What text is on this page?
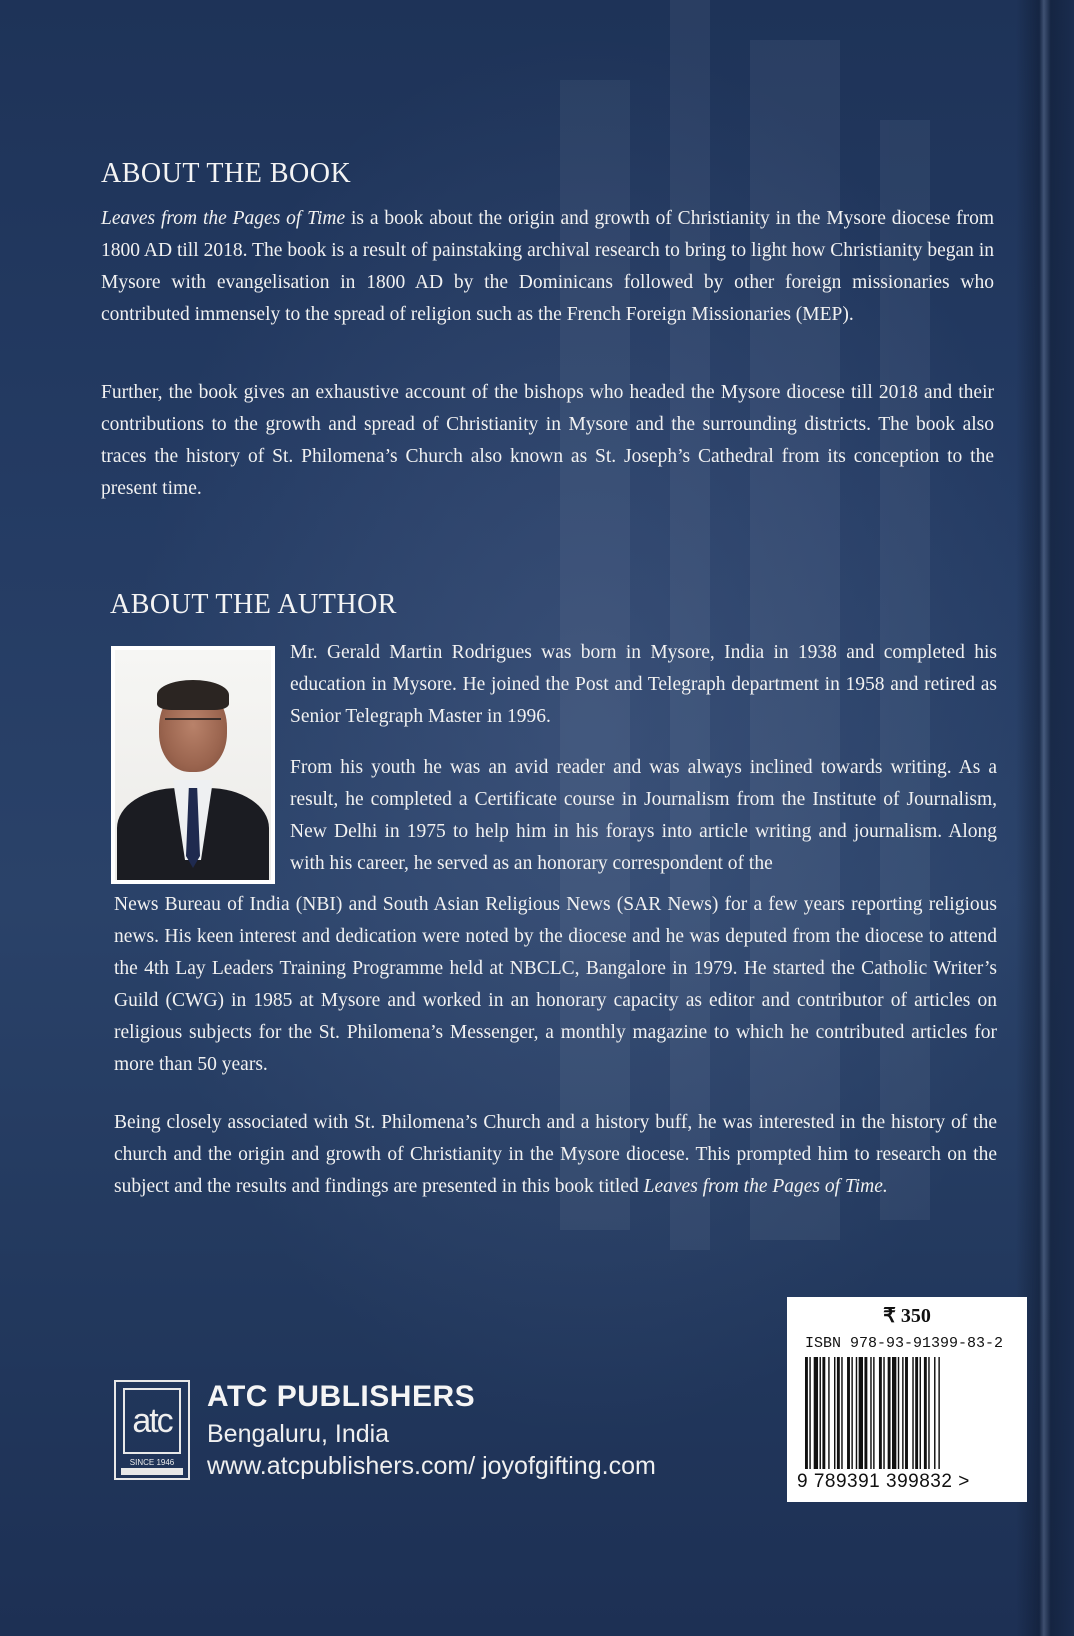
ABOUT THE BOOK

Leaves from the Pages of Time is a book about the origin and growth of Christianity in the Mysore diocese from 1800 AD till 2018. The book is a result of painstaking archival research to bring to light how Christianity began in Mysore with evangelisation in 1800 AD by the Dominicans followed by other foreign missionaries who contributed immensely to the spread of religion such as the French Foreign Missionaries (MEP).

Further, the book gives an exhaustive account of the bishops who headed the Mysore diocese till 2018 and their contributions to the growth and spread of Christianity in Mysore and the surrounding districts. The book also traces the history of St. Philomena’s Church also known as St. Joseph’s Cathedral from its conception to the present time.

ABOUT THE AUTHOR

Mr. Gerald Martin Rodrigues was born in Mysore, India in 1938 and completed his education in Mysore. He joined the Post and Telegraph department in 1958 and retired as Senior Telegraph Master in 1996.

From his youth he was an avid reader and was always inclined towards writing. As a result, he completed a Certificate course in Journalism from the Institute of Journalism, New Delhi in 1975 to help him in his forays into article writing and journalism. Along with his career, he served as an honorary correspondent of the

News Bureau of India (NBI) and South Asian Religious News (SAR News) for a few years reporting religious news. His keen interest and dedication were noted by the diocese and he was deputed from the diocese to attend the 4th Lay Leaders Training Programme held at NBCLC, Bangalore in 1979. He started the Catholic Writer’s Guild (CWG) in 1985 at Mysore and worked in an honorary capacity as editor and contributor of articles on religious subjects for the St. Philomena’s Messenger, a monthly magazine to which he contributed articles for more than 50 years.

Being closely associated with St. Philomena’s Church and a history buff, he was interested in the history of the church and the origin and growth of Christianity in the Mysore diocese. This prompted him to research on the subject and the results and findings are presented in this book titled Leaves from the Pages of Time.

atc
SINCE 1946

ATC PUBLISHERS

Bengaluru, India

www.atcpublishers.com/ joyofgifting.com

₹ 350
ISBN 978-93-91399-83-2
9 789391 399832 >
